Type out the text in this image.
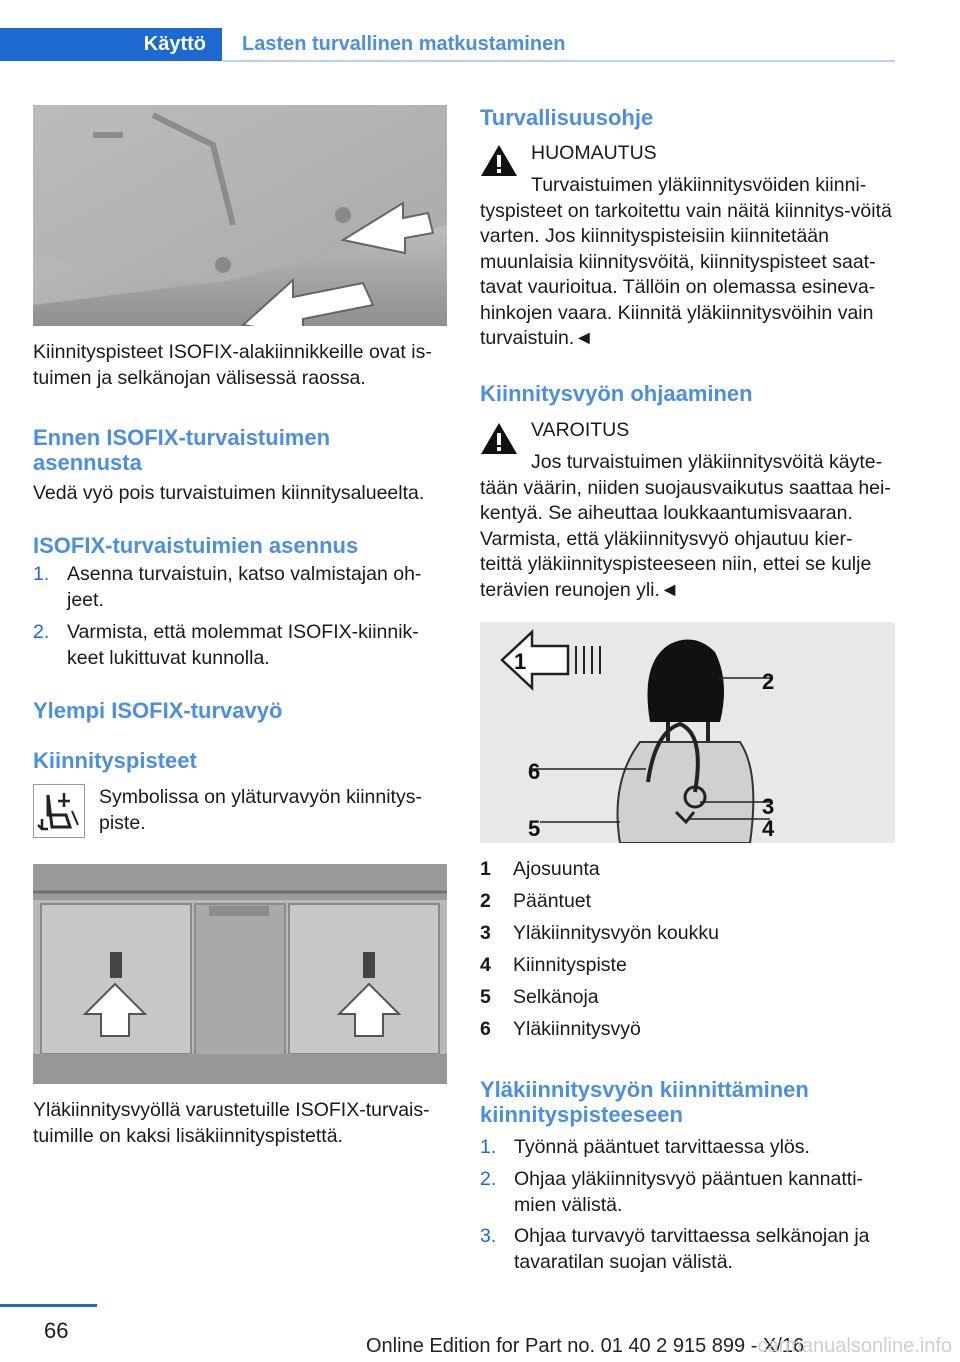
Käyttö	Lasten turvallinen matkustaminen
Kiinnityspisteet ISOFIX-alakiinnikkeille ovat is-tuimen ja selkänojan välisessä raossa.
Ennen ISOFIX-turvaistuimen asennusta
Vedä vyö pois turvaistuimen kiinnitysalueelta.
ISOFIX-turvaistuimien asennus
1. Asenna turvaistuin, katso valmistajan oh-jeet.
2. Varmista, että molemmat ISOFIX-kiinnik-keet lukittuvat kunnolla.
Ylempi ISOFIX-turvavyö
Kiinnityspisteet
Symbolissa on yläturvavyön kiinnitys-piste.
Yläkiinnitysvyöllä varustetuille ISOFIX-turvais-tuimille on kaksi lisäkiinnityspistettä.
Turvallisuusohje
HUOMAUTUS
Turvaistuimen yläkiinnitysvöiden kiinni-tyspisteet on tarkoitettu vain näitä kiinnitys-vöitä varten. Jos kiinnityspisteisiin kiinnitetään muunlaisia kiinnitysvöitä, kiinnityspisteet saat-tavat vaurioitua. Tällöin on olemassa esineva-hinkojen vaara. Kiinnitä yläkiinnitysvöihin vain turvaistuin.◄
Kiinnitysvyön ohjaaminen
VAROITUS
Jos turvaistuimen yläkiinnitysvöitä käyte-tään väärin, niiden suojausvaikutus saattaa hei-kentyä. Se aiheuttaa loukkaantumisvaaran. Varmista, että yläkiinnitysvyö ohjautuu kier-teittä yläkiinnityspisteeseen niin, ettei se kulje terävien reunojen yli.◄
1
2
3
4
5
6
1 Ajosuunta
2 Pääntuet
3 Yläkiinnitysvyön koukku
4 Kiinnityspiste
5 Selkänoja
6 Yläkiinnitysvyö
Yläkiinnitysvyön kiinnittäminen kiinnityspisteeseen
1. Työnnä pääntuet tarvittaessa ylös.
2. Ohjaa yläkiinnitysvyö pääntuen kannatti-mien välistä.
3. Ohjaa turvavyö tarvittaessa selkänojan ja tavaratilan suojan välistä.
66
Online Edition for Part no. 01 40 2 915 899 - X/16
carmanualsonline.info
